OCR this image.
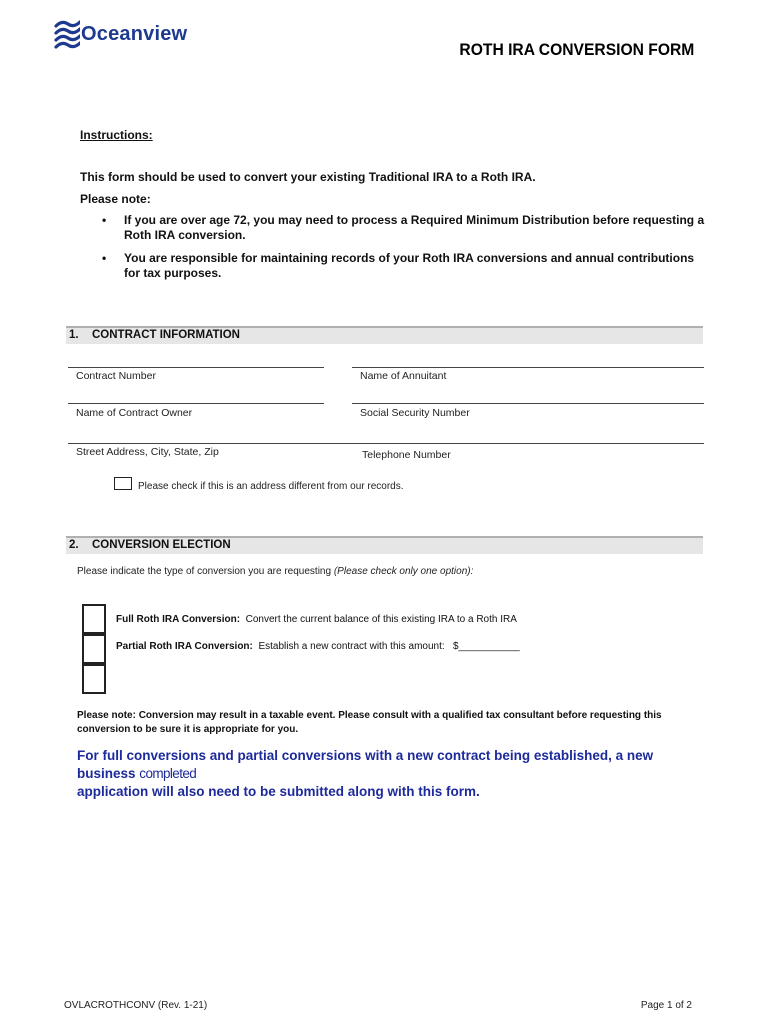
Oceanview
ROTH IRA CONVERSION FORM
Instructions:
This form should be used to convert your existing Traditional IRA to a Roth IRA.
Please note:
• If you are over age 72, you may need to process a Required Minimum Distribution before requesting a Roth IRA conversion.
• You are responsible for maintaining records of your Roth IRA conversions and annual contributions for tax purposes.
1. CONTRACT INFORMATION
Contract Number	Name of Annuitant
Name of Contract Owner	Social Security Number
Street Address, City, State, Zip	Telephone Number
Please check if this is an address different from our records.
2. CONVERSION ELECTION
Please indicate the type of conversion you are requesting (Please check only one option):
Full Roth IRA Conversion: Convert the current balance of this existing IRA to a Roth IRA
Partial Roth IRA Conversion: Establish a new contract with this amount: $___________
Please note: Conversion may result in a taxable event. Please consult with a qualified tax consultant before requesting this conversion to be sure it is appropriate for you.
For full conversions and partial conversions with a new contract being established, a new business completed
application will also need to be submitted along with this form.
OVLACROTHCONV (Rev. 1-21)	Page 1 of 2
